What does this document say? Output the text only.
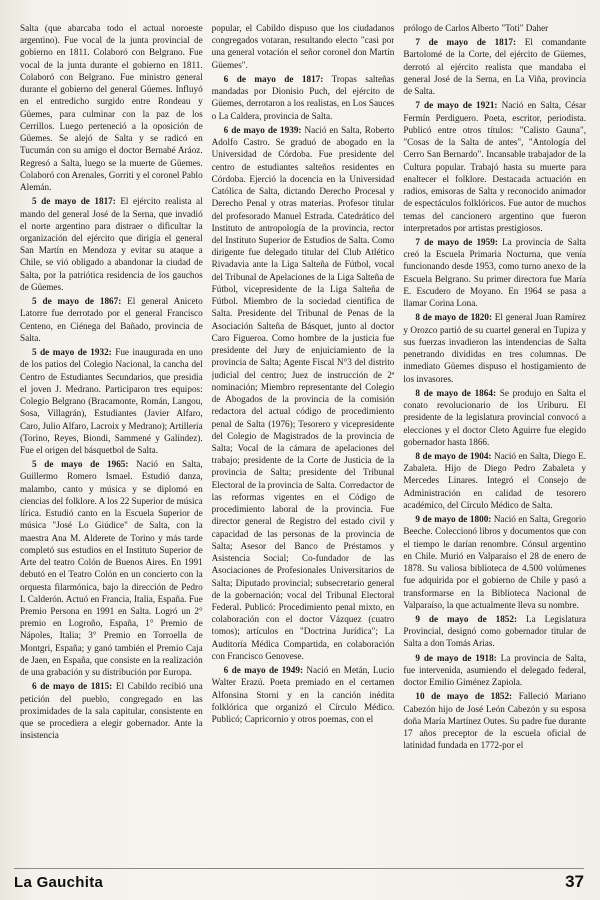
Salta (que abarcaba todo el actual noroeste argentino). Fue vocal de la junta provincial de gobierno en 1811. Colaboró con Belgrano. Fue vocal de la junta durante el gobierno en 1811. Colaboró con Belgrano. Fue ministro general durante el gobierno del general Güemes. Influyó en el entredicho surgido entre Rondeau y Güemes, para culminar con la paz de los Cerrillos. Luego perteneció a la oposición de Güemes. Se alejó de Salta y se radicó en Tucumán con su amigo el doctor Bernabé Aráoz. Regresó a Salta, luego se la muerte de Güemes. Colaboró con Arenales, Gorriti y el coronel Pablo Alemán.

5 de mayo de 1817: El ejército realista al mando del general José de la Serna, que invadió el norte argentino para distraer o dificultar la organización del ejército que dirigía el general San Martín en Mendoza y evitar su ataque a Chile, se vió obligado a abandonar la ciudad de Salta, por la patriótica residencia de los gauchos de Güemes.

5 de mayo de 1867: El general Aniceto Latorre fue derrotado por el general Francisco Centeno, en Ciénega del Bañado, provincia de Salta.

5 de mayo de 1932: Fue inaugurada en uno de los patios del Colegio Nacional, la cancha del Centro de Estudiantes Secundarios, que presidía el joven J. Medrano. Participaron tres equipos: Colegio Belgrano (Bracamonte, Román, Langou, Sosa, Villagrán), Estudiantes (Javier Alfaro, Caro, Julio Alfaro, Lacroix y Medrano); Artillería (Torino, Reyes, Biondi, Sammené y Galíndez). Fue el origen del básquetbol de Salta.

5 de mayo de 1965: Nació en Salta, Guillermo Romero Ismael. Estudió danza, malambo, canto y música y se diplomó en ciencias del folklore. A los 22 Superior de música lírica. Estudió canto en la Escuela Superior de música "José Lo Giúdice" de Salta, con la maestra Ana M. Alderete de Torino y más tarde completó sus estudios en el Instituto Superior de Arte del teatro Colón de Buenos Aires. En 1991 debutó en el Teatro Colón en un concierto con la orquesta filarmónica, bajo la dirección de Pedro I. Calderón. Actuó en Francia, Italia, España. Fue Premio Persona en 1991 en Salta. Logró un 2° premio en Logroño, España, 1° Premio de Nápoles, Italia; 3° Premio en Torroella de Montgri, España; y ganó también el Premio Caja de Jaen, en España, que consiste en la realización de una grabación y su distribución por Europa.

6 de mayo de 1815: El Cabildo recibió una petición del pueblo, congregado en las proximidades de la sala capitular, consistente en que se procediera a elegir gobernador. Ante la insistencia

popular, el Cabildo dispuso que los ciudadanos congregados votaran, resultando electo "casi por una general votación el señor coronel don Martín Güemes".

6 de mayo de 1817: Tropas salteñas mandadas por Dionisio Puch, del ejército de Güemes, derrotaron a los realistas, en Los Sauces o La Caldera, provincia de Salta.

6 de mayo de 1939: Nació en Salta, Roberto Adolfo Castro. Se graduó de abogado en la Universidad de Córdoba. Fue presidente del centro de estudiantes salteños residentes en Córdoba. Ejerció la docencia en la Universidad Católica de Salta, dictando Derecho Procesal y Derecho Penal y otras materias. Profesor titular del profesorado Manuel Estrada. Catedrático del Instituto de antropología de la provincia, rector del Instituto Superior de Estudios de Salta. Como dirigente fue delegado titular del Club Atlético Rivadavia ante la Liga Salteña de Fútbol, vocal del Tribunal de Apelaciones de la Liga Salteña de Fútbol, vicepresidente de la Liga Salteña de Fútbol. Miembro de la sociedad científica de Salta. Presidente del Tribunal de Penas de la Asociación Salteña de Básquet, junto al doctor Caro Figueroa. Como hombre de la justicia fue presidente del Jury de enjuiciamiento de la provincia de Salta; Agente Fiscal N°3 del distrito judicial del centro; Juez de instrucción de 2ª nominación; Miembro representante del Colegio de Abogados de la provincia de la comisión redactora del actual código de procedimiento penal de Salta (1976); Tesorero y vicepresidente del Colegio de Magistrados de la provincia de Salta; Vocal de la cámara de apelaciones del trabajo; presidente de la Corte de Justicia de la provincia de Salta; presidente del Tribunal Electoral de la provincia de Salta. Corredactor de las reformas vigentes en el Código de procedimiento laboral de la provincia. Fue director general de Registro del estado civil y capacidad de las personas de la provincia de Salta; Asesor del Banco de Préstamos y Asistencia Social; Co-fundador de las Asociaciones de Profesionales Universitarios de Salta; Diputado provincial; subsecretario general de la gobernación; vocal del Tribunal Electoral Federal. Publicó: Procedimiento penal mixto, en colaboración con el doctor Vázquez (cuatro tomos); artículos en "Doctrina Jurídica"; La Auditoría Médica Compartida, en colaboración con Francisco Genovese.

6 de mayo de 1949: Nació en Metán, Lucio Walter Erazú. Poeta premiado en el certamen Alfonsina Storni y en la canción inédita folklórica que organizó el Círculo Médico. Publicó; Capricornio y otros poemas, con el

prólogo de Carlos Alberto "Toti" Daher

7 de mayo de 1817: El comandante Bartolomé de la Corte, del ejército de Güemes, derrotó al ejército realista que mandaba el general José de la Serna, en La Viña, provincia de Salta.

7 de mayo de 1921: Nació en Salta, César Fermín Perdiguero. Poeta, escritor, periodista. Publicó entre otros títulos: "Calisto Gauna", "Cosas de la Salta de antes", "Antología del Cerro San Bernardo". Incansable trabajador de la Cultura popular. Trabajó hasta su muerte para enaltecer el folklore. Destacada actuación en radios, emisoras de Salta y reconocido animador de espectáculos folklóricos. Fue autor de muchos temas del cancionero argentino que fueron interpretados por artistas prestigiosos.

7 de mayo de 1959: La provincia de Salta creó la Escuela Primaria Nocturna, que venía funcionando desde 1953, como turno anexo de la Escuela Belgrano. Su primer directora fue María E. Escudero de Moyano. En 1964 se pasa a llamar Corina Lona.

8 de mayo de 1820: El general Juan Ramírez y Orozco partió de su cuartel general en Tupiza y sus fuerzas invadieron las intendencias de Salta penetrando divididas en tres columnas. De inmediato Güemes dispuso el hostigamiento de los invasores.

8 de mayo de 1864: Se produjo en Salta el conato revolucionario de los Uriburu. El presidente de la legislatura provincial convocó a elecciones y el doctor Cleto Aguirre fue elegido gobernador hasta 1866.

8 de mayo de 1904: Nació en Salta, Diego E. Zabaleta. Hijo de Diego Pedro Zabaleta y Mercedes Linares. Integró el Consejo de Administración en calidad de tesorero académico, del Círculo Médico de Salta.

9 de mayo de 1800: Nació en Salta, Gregorio Beeche. Coleccionó libros y documentos que con el tiempo le darían renombre. Cónsul argentino en Chile. Murió en Valparaíso el 28 de enero de 1878. Su valiosa biblioteca de 4.500 volúmenes fue adquirida por el gobierno de Chile y pasó a transformarse en la Biblioteca Nacional de Valparaíso, la que actualmente lleva su nombre.

9 de mayo de 1852: La Legislatura Provincial, designó como gobernador titular de Salta a don Tomás Arias.

9 de mayo de 1918: La provincia de Salta, fue intervenida, asumiendo el delegado federal, doctor Emilio Giménez Zapiola.

10 de mayo de 1852: Falleció Mariano Cabezón hijo de José León Cabezón y su esposa doña María Martínez Outes. Su padre fue durante 17 años preceptor de la escuela oficial de latinidad fundada en 1772-por el

La Gauchita	37
